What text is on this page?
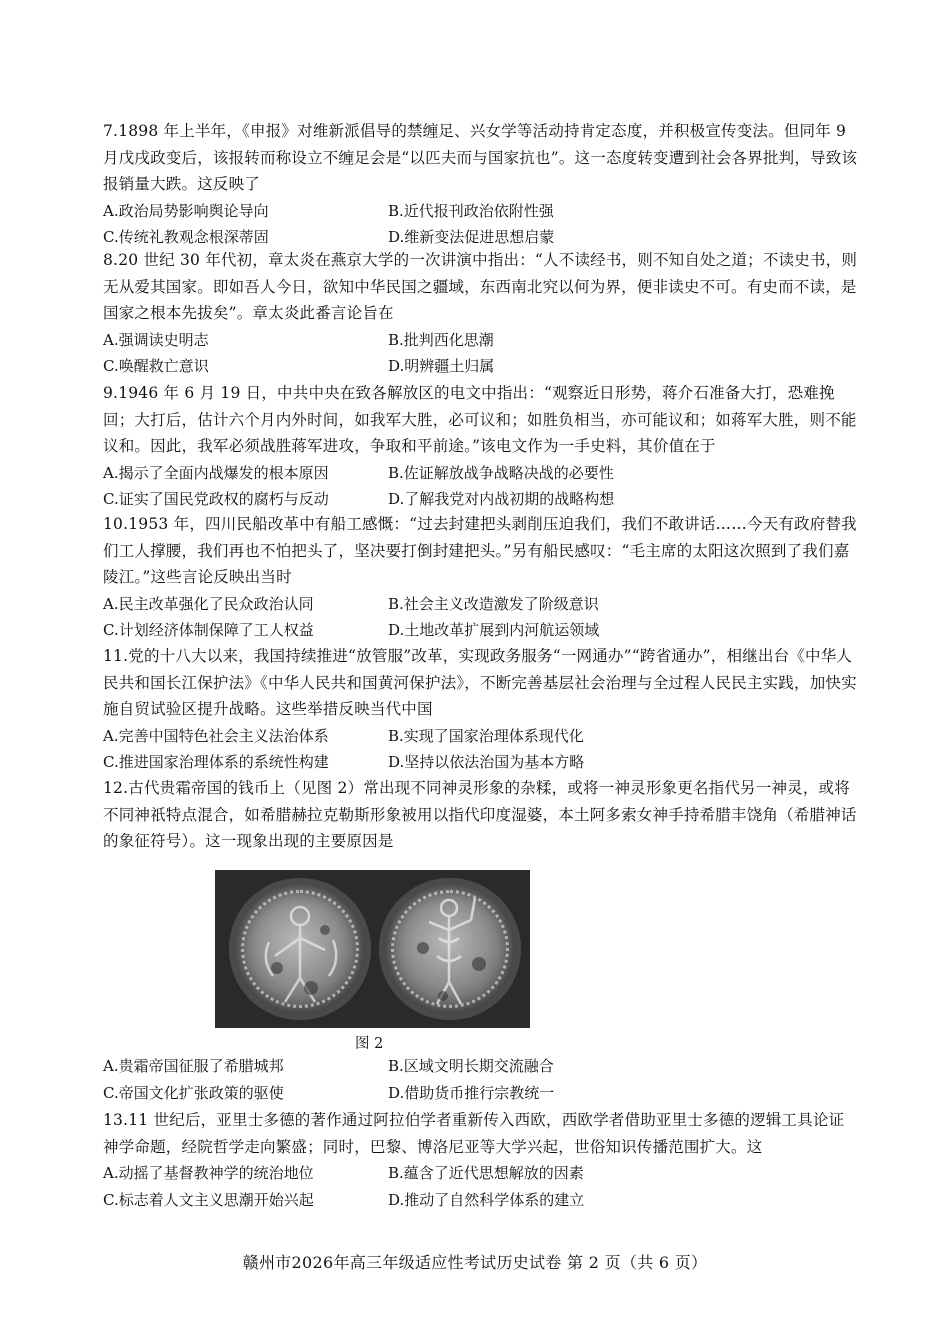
7.1898 年上半年，《申报》对维新派倡导的禁缠足、兴女学等活动持肯定态度，并积极宣传变法。但同年 9 月戊戌政变后，该报转而称设立不缠足会是“以匹夫而与国家抗也”。这一态度转变遭到社会各界批判，导致该报销量大跌。这反映了

A.政治局势影响舆论导向	B.近代报刊政治依附性强
C.传统礼教观念根深蒂固	D.维新变法促进思想启蒙

8.20 世纪 30 年代初，章太炎在燕京大学的一次讲演中指出：“人不读经书，则不知自处之道；不读史书，则无从爱其国家。即如吾人今日，欲知中华民国之疆域，东西南北究以何为界，便非读史不可。有史而不读，是国家之根本先拔矣”。章太炎此番言论旨在

A.强调读史明志	B.批判西化思潮
C.唤醒救亡意识	D.明辨疆土归属

9.1946 年 6 月 19 日，中共中央在致各解放区的电文中指出：“观察近日形势，蒋介石准备大打，恐难挽回；大打后，估计六个月内外时间，如我军大胜，必可议和；如胜负相当，亦可能议和；如蒋军大胜，则不能议和。因此，我军必须战胜蒋军进攻，争取和平前途。”该电文作为一手史料，其价值在于

A.揭示了全面内战爆发的根本原因	B.佐证解放战争战略决战的必要性
C.证实了国民党政权的腐朽与反动	D.了解我党对内战初期的战略构想

10.1953 年，四川民船改革中有船工感慨：“过去封建把头剥削压迫我们，我们不敢讲话……今天有政府替我们工人撑腰，我们再也不怕把头了，坚决要打倒封建把头。”另有船民感叹：“毛主席的太阳这次照到了我们嘉陵江。”这些言论反映出当时

A.民主改革强化了民众政治认同	B.社会主义改造激发了阶级意识
C.计划经济体制保障了工人权益	D.土地改革扩展到内河航运领域

11.党的十八大以来，我国持续推进“放管服”改革，实现政务服务“一网通办”“跨省通办”，相继出台《中华人民共和国长江保护法》《中华人民共和国黄河保护法》，不断完善基层社会治理与全过程人民民主实践，加快实施自贸试验区提升战略。这些举措反映当代中国

A.完善中国特色社会主义法治体系	B.实现了国家治理体系现代化
C.推进国家治理体系的系统性构建	D.坚持以依法治国为基本方略

12.古代贵霜帝国的钱币上（见图 2）常出现不同神灵形象的杂糅，或将一神灵形象更名指代另一神灵，或将不同神祇特点混合，如希腊赫拉克勒斯形象被用以指代印度湿婆，本土阿多索女神手持希腊丰饶角（希腊神话的象征符号）。这一现象出现的主要原因是

图 2
A.贵霜帝国征服了希腊城邦	B.区域文明长期交流融合
C.帝国文化扩张政策的驱使	D.借助货币推行宗教统一

13.11 世纪后，亚里士多德的著作通过阿拉伯学者重新传入西欧，西欧学者借助亚里士多德的逻辑工具论证神学命题，经院哲学走向繁盛；同时，巴黎、博洛尼亚等大学兴起，世俗知识传播范围扩大。这

A.动摇了基督教神学的统治地位	B.蕴含了近代思想解放的因素
C.标志着人文主义思潮开始兴起	D.推动了自然科学体系的建立
赣州市2026年高三年级适应性考试历史试卷 第 2 页（共 6 页）
